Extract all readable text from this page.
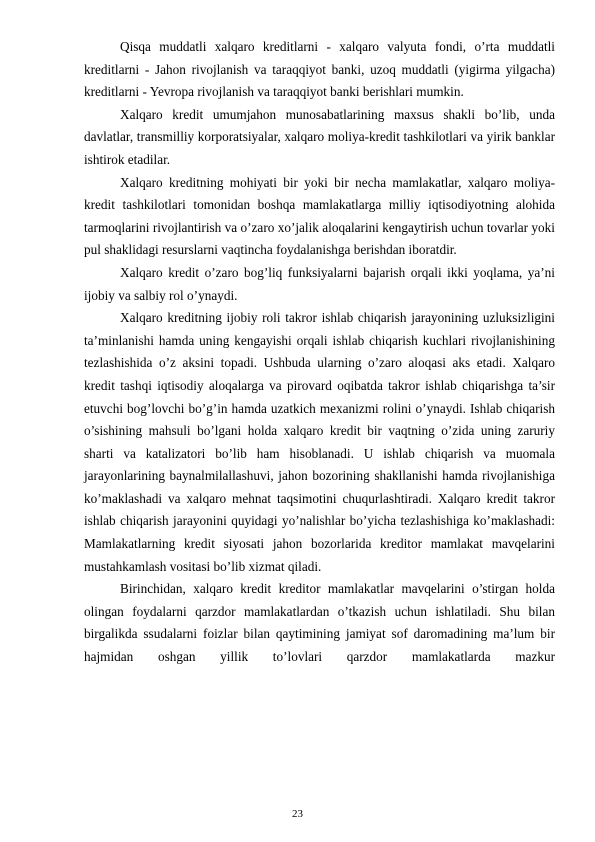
Qisqa muddatli xalqaro kreditlarni - xalqaro valyuta fondi, o’rta muddatli kreditlarni - Jahon rivojlanish va taraqqiyot banki, uzoq muddatli (yigirma yilgacha) kreditlarni - Yevropa rivojlanish va taraqqiyot banki berishlari mumkin.

Xalqaro kredit umumjahon munosabatlarining maxsus shakli bo’lib, unda davlatlar, transmilliy korporatsiyalar, xalqaro moliya-kredit tashkilotlari va yirik banklar ishtirok etadilar.

Xalqaro kreditning mohiyati bir yoki bir necha mamlakatlar, xalqaro moliya-kredit tashkilotlari tomonidan boshqa mamlakatlarga milliy iqtisodiyotning alohida tarmoqlarini rivojlantirish va o’zaro xo’jalik aloqalarini kengaytirish uchun tovarlar yoki pul shaklidagi resurslarni vaqtincha foydalanishga berishdan iboratdir.

Xalqaro kredit o’zaro bog’liq funksiyalarni bajarish orqali ikki yoqlama, ya’ni ijobiy va salbiy rol o’ynaydi.

Xalqaro kreditning ijobiy roli takror ishlab chiqarish jarayonining uzluksizligini ta’minlanishi hamda uning kengayishi orqali ishlab chiqarish kuchlari rivojlanishining tezlashishida o’z aksini topadi. Ushbuda ularning o’zaro aloqasi aks etadi. Xalqaro kredit tashqi iqtisodiy aloqalarga va pirovard oqibatda takror ishlab chiqarishga ta’sir etuvchi bog’lovchi bo’g’in hamda uzatkich mexanizmi rolini o’ynaydi. Ishlab chiqarish o’sishining mahsuli bo’lgani holda xalqaro kredit bir vaqtning o’zida uning zaruriy sharti va katalizatori bo’lib ham hisoblanadi. U ishlab chiqarish va muomala jarayonlarining baynalmilallashuvi, jahon bozorining shakllanishi hamda rivojlanishiga ko’maklashadi va xalqaro mehnat taqsimotini chuqurlashtiradi. Xalqaro kredit takror ishlab chiqarish jarayonini quyidagi yo’nalishlar bo’yicha tezlashishiga ko’maklashadi: Mamlakatlarning kredit siyosati jahon bozorlarida kreditor mamlakat mavqelarini mustahkamlash vositasi bo’lib xizmat qiladi.

Birinchidan, xalqaro kredit kreditor mamlakatlar mavqelarini o’stirgan holda olingan foydalarni qarzdor mamlakatlardan o’tkazish uchun ishlatiladi. Shu bilan birgalikda ssudalarni foizlar bilan qaytimining jamiyat sof daromadining ma’lum bir hajmidan oshgan yillik to’lovlari qarzdor mamlakatlarda mazkur

23
